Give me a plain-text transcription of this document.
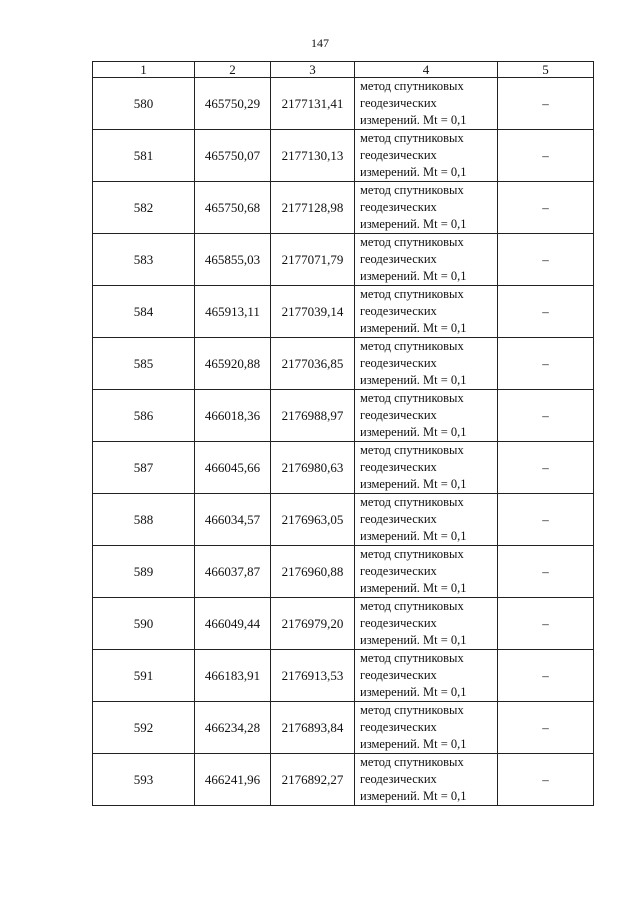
147
1	2	3	4	5
580	465750,29	2177131,41	метод спутниковых
геодезических
измерений. Mt = 0,1	–
581	465750,07	2177130,13	метод спутниковых
геодезических
измерений. Mt = 0,1	–
582	465750,68	2177128,98	метод спутниковых
геодезических
измерений. Mt = 0,1	–
583	465855,03	2177071,79	метод спутниковых
геодезических
измерений. Mt = 0,1	–
584	465913,11	2177039,14	метод спутниковых
геодезических
измерений. Mt = 0,1	–
585	465920,88	2177036,85	метод спутниковых
геодезических
измерений. Mt = 0,1	–
586	466018,36	2176988,97	метод спутниковых
геодезических
измерений. Mt = 0,1	–
587	466045,66	2176980,63	метод спутниковых
геодезических
измерений. Mt = 0,1	–
588	466034,57	2176963,05	метод спутниковых
геодезических
измерений. Mt = 0,1	–
589	466037,87	2176960,88	метод спутниковых
геодезических
измерений. Mt = 0,1	–
590	466049,44	2176979,20	метод спутниковых
геодезических
измерений. Mt = 0,1	–
591	466183,91	2176913,53	метод спутниковых
геодезических
измерений. Mt = 0,1	–
592	466234,28	2176893,84	метод спутниковых
геодезических
измерений. Mt = 0,1	–
593	466241,96	2176892,27	метод спутниковых
геодезических
измерений. Mt = 0,1	–
